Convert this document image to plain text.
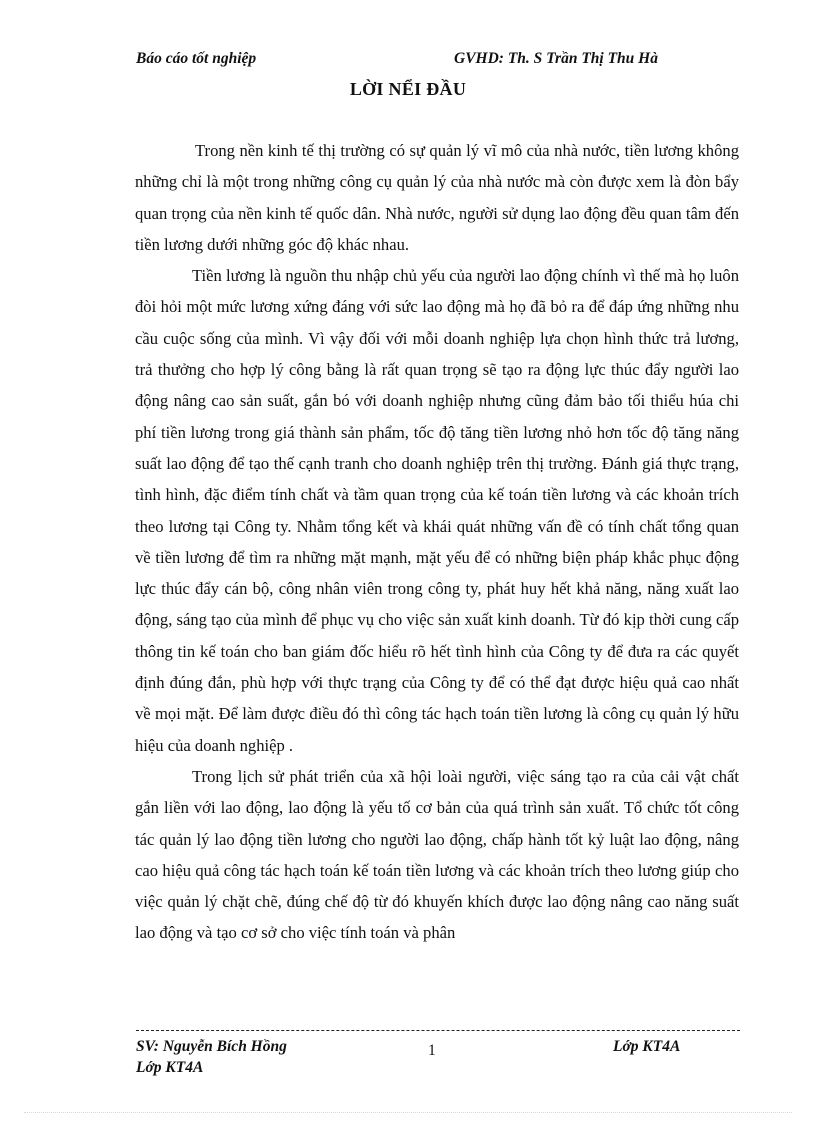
Báo cáo tốt nghiệp	GVHD: Th. S Trần Thị Thu Hà
LỜI NỂI ĐẦU

Trong nền kinh tế thị trường có sự quản lý vĩ mô của nhà nước, tiền lương không những chỉ là một trong những công cụ quản lý của nhà nước mà còn được xem là đòn bẩy quan trọng của nền kinh tế quốc dân. Nhà nước, người sử dụng lao động đều quan tâm đến tiền lương dưới những góc độ khác nhau.

Tiền lương là nguồn thu nhập chủ yếu của người lao động chính vì thế mà họ luôn đòi hỏi một mức lương xứng đáng với sức lao động mà họ đã bỏ ra để đáp ứng những nhu cầu cuộc sống của mình. Vì vậy đối với mỗi doanh nghiệp lựa chọn hình thức trả lương, trả thưởng cho hợp lý công bằng là rất quan trọng sẽ tạo ra động lực thúc đẩy người lao động nâng cao sản suất, gắn bó với doanh nghiệp nhưng cũng đảm bảo tối thiểu húa chi phí tiền lương trong giá thành sản phẩm, tốc độ tăng tiền lương nhỏ hơn tốc độ tăng năng suất lao động để tạo thế cạnh tranh cho doanh nghiệp trên thị trường. Đánh giá thực trạng, tình hình, đặc điểm tính chất và tầm quan trọng của kế toán tiền lương và các khoản trích theo lương tại Công ty. Nhằm tổng kết và khái quát những vấn đề có tính chất tổng quan về tiền lương để tìm ra những mặt mạnh, mặt yếu để có những biện pháp khắc phục động lực thúc đẩy cán bộ, công nhân viên trong công ty, phát huy hết khả năng, năng xuất lao động, sáng tạo của mình để phục vụ cho việc sản xuất kinh doanh. Từ đó kịp thời cung cấp thông tin kế toán cho ban giám đốc hiểu rõ hết tình hình của Công ty để đưa ra các quyết định đúng đắn, phù hợp với thực trạng của Công ty để có thể đạt được hiệu quả cao nhất về mọi mặt. Để làm được điều đó thì công tác hạch toán tiền lương là công cụ quản lý hữu hiệu của doanh nghiệp .

Trong lịch sử phát triển của xã hội loài người, việc sáng tạo ra của cải vật chất gắn liền với lao động, lao động là yếu tố cơ bản của quá trình sản xuất. Tổ chức tốt công tác quản lý lao động tiền lương cho người lao động, chấp hành tốt kỷ luật lao động, nâng cao hiệu quả công tác hạch toán kế toán tiền lương và các khoản trích theo lương giúp cho việc quản lý chặt chẽ, đúng chế độ từ đó khuyến khích được lao động nâng cao năng suất lao động và tạo cơ sở cho việc tính toán và phân

SV: Nguyễn Bích Hồng	1	Lớp KT4A
Lớp KT4A
